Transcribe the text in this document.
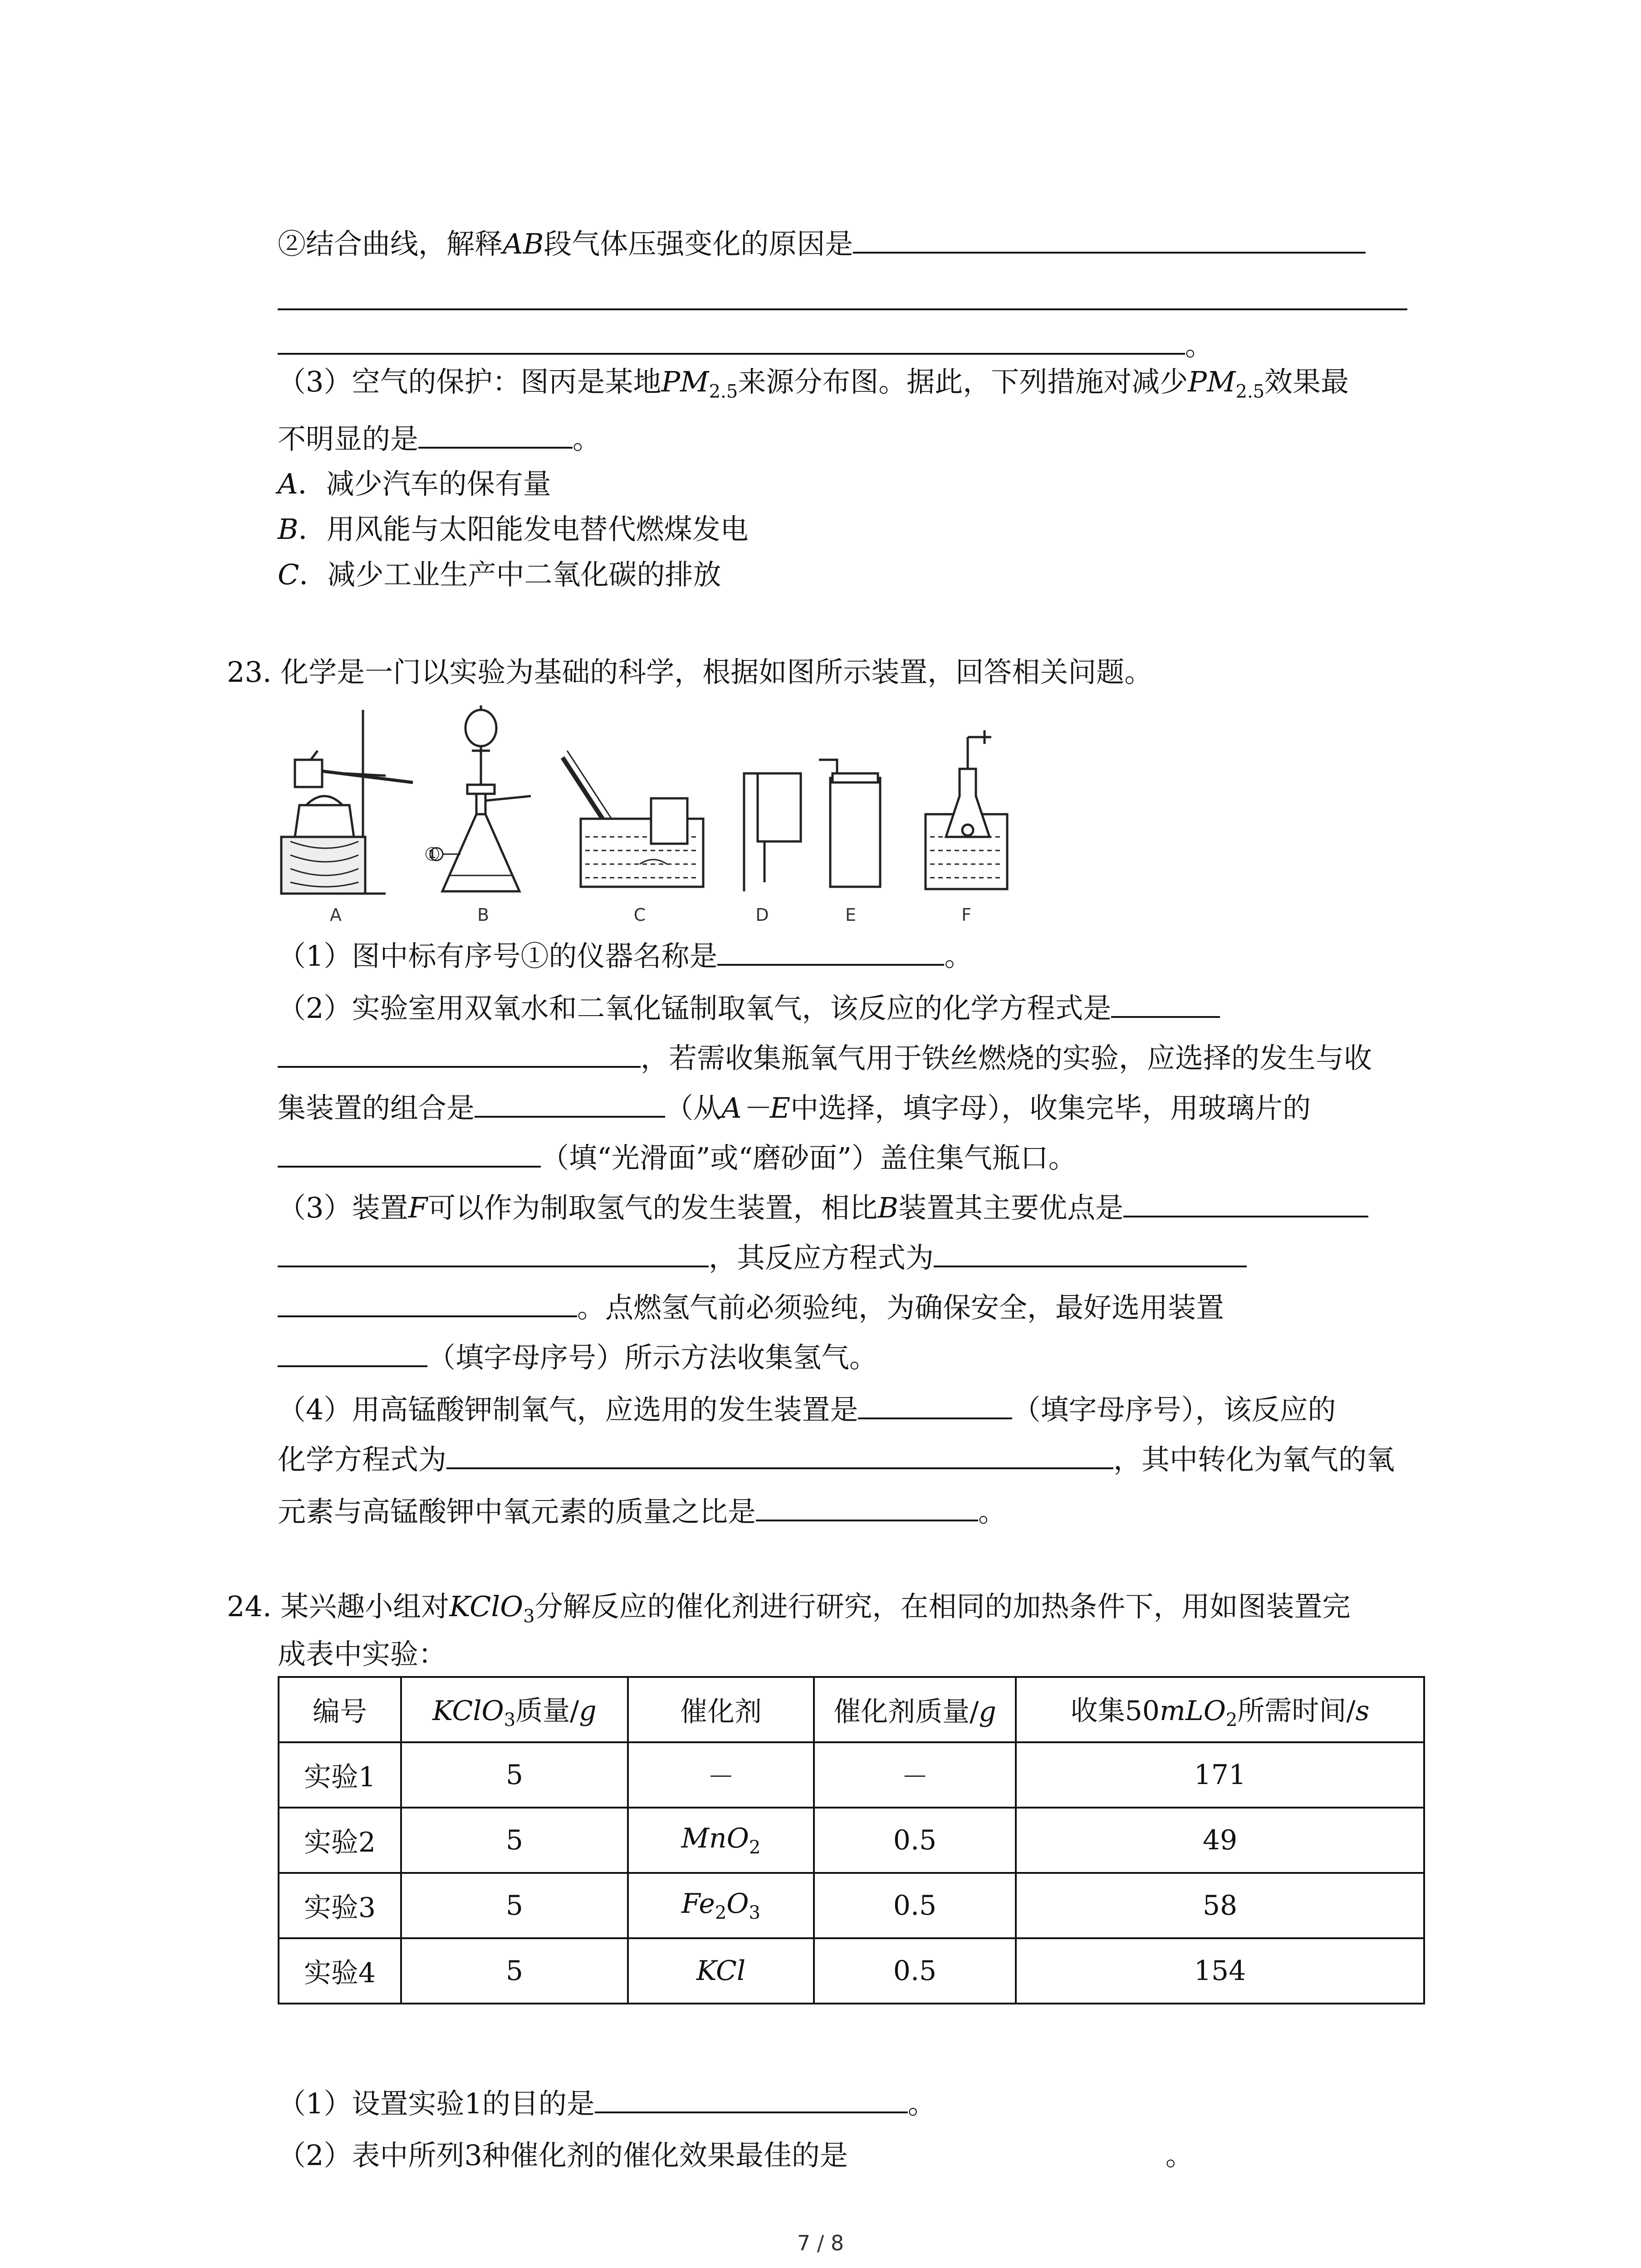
②结合曲线，解释AB段气体压强变化的原因是
。
（3）空气的保护：图丙是某地$PM_{2.5}$来源分布图。据此，下列措施对减少$PM_{2.5}$效果最
不明显的是	。
A．减少汽车的保有量
B．用风能与太阳能发电替代燃煤发电
C．减少工业生产中二氧化碳的排放
23. 化学是一门以实验为基础的科学，根据如图所示装置，回答相关问题。
A	B	C	D	E	F
①
（1）图中标有序号①的仪器名称是	。
（2）实验室用双氧水和二氧化锰制取氧气，该反应的化学方程式是
，若需收集瓶氧气用于铁丝燃烧的实验，应选择的发生与收
集装置的组合是	（从A－E中选择，填字母），收集完毕，用玻璃片的
（填“光滑面”或“磨砂面”）盖住集气瓶口。
（3）装置F可以作为制取氢气的发生装置，相比B装置其主要优点是
，其反应方程式为
。点燃氢气前必须验纯，为确保安全，最好选用装置
（填字母序号）所示方法收集氢气。
（4）用高锰酸钾制氧气，应选用的发生装置是	（填字母序号），该反应的
化学方程式为	，其中转化为氧气的氧
元素与高锰酸钾中氧元素的质量之比是	。
24. 某兴趣小组对KClO$_3$分解反应的催化剂进行研究，在相同的加热条件下，用如图装置完
成表中实验：
编号	KClO$_3$质量/g	催化剂	催化剂质量/g	收集50mLO$_2$所需时间/s
实验1	5	－	－	171
实验2	5	MnO$_2$	0.5	49
实验3	5	$Fe_2O_3$	0.5	58
实验4	5	KCl	0.5	154
（1）设置实验1的目的是	。
（2）表中所列3种催化剂的催化效果最佳的是	。
7 / 8
